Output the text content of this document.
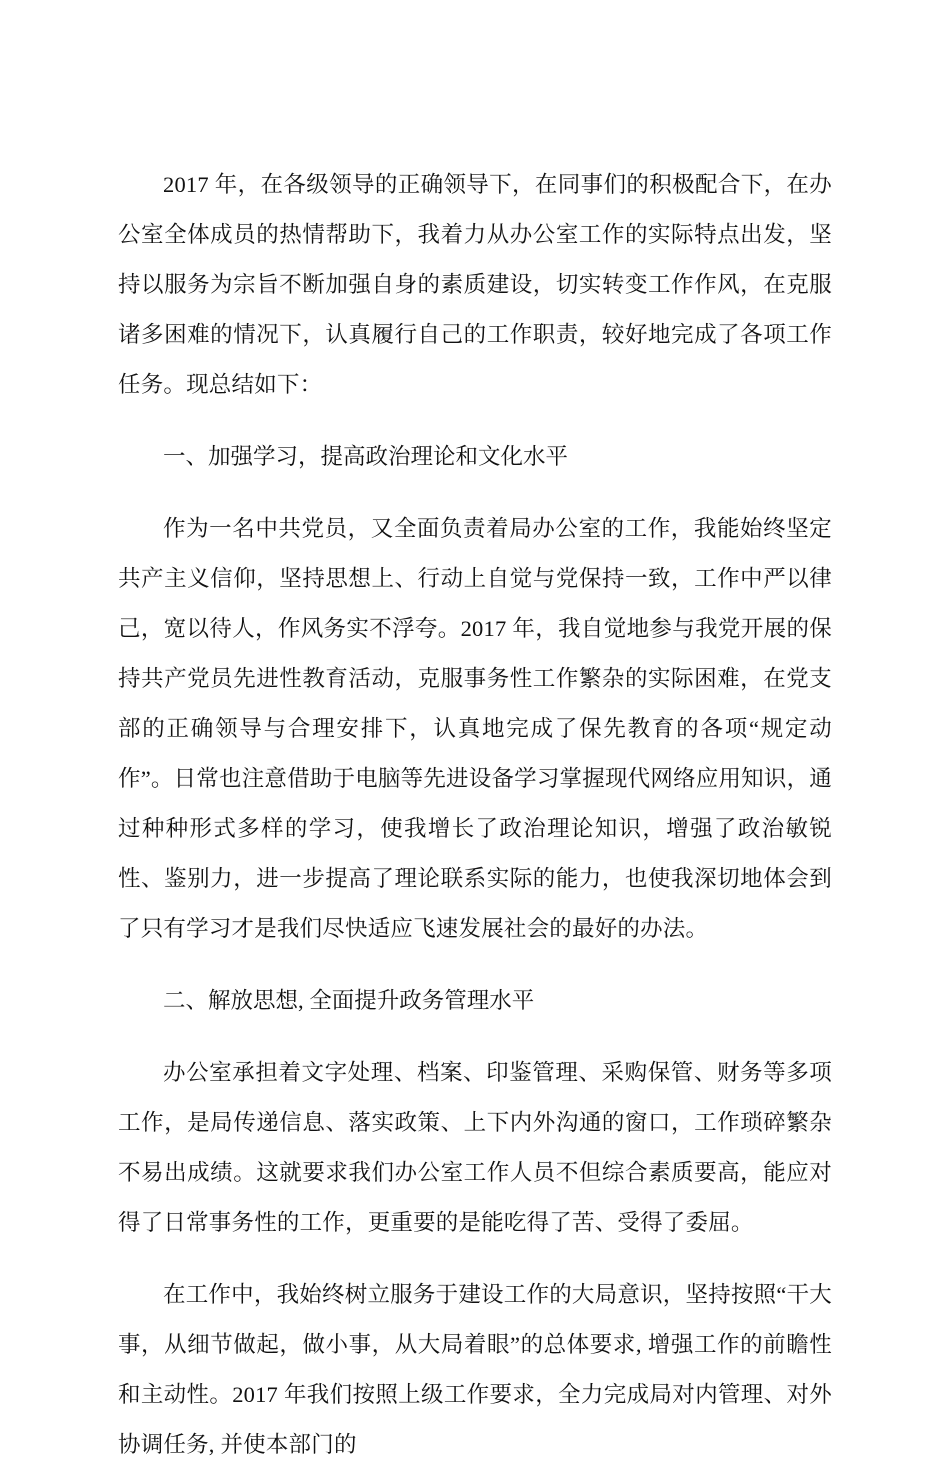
2017 年，在各级领导的正确领导下，在同事们的积极配合下，在办公室全体成员的热情帮助下，我着力从办公室工作的实际特点出发，坚持以服务为宗旨不断加强自身的素质建设，切实转变工作作风，在克服诸多困难的情况下，认真履行自己的工作职责，较好地完成了各项工作任务。现总结如下：

一、加强学习，提高政治理论和文化水平

作为一名中共党员，又全面负责着局办公室的工作，我能始终坚定共产主义信仰，坚持思想上、行动上自觉与党保持一致，工作中严以律己，宽以待人，作风务实不浮夸。2017 年，我自觉地参与我党开展的保持共产党员先进性教育活动，克服事务性工作繁杂的实际困难，在党支部的正确领导与合理安排下，认真地完成了保先教育的各项“规定动作”。日常也注意借助于电脑等先进设备学习掌握现代网络应用知识，通过种种形式多样的学习，使我增长了政治理论知识，增强了政治敏锐性、鉴别力，进一步提高了理论联系实际的能力，也使我深切地体会到了只有学习才是我们尽快适应飞速发展社会的最好的办法。

二、解放思想, 全面提升政务管理水平

办公室承担着文字处理、档案、印鉴管理、采购保管、财务等多项工作，是局传递信息、落实政策、上下内外沟通的窗口，工作琐碎繁杂不易出成绩。这就要求我们办公室工作人员不但综合素质要高，能应对得了日常事务性的工作，更重要的是能吃得了苦、受得了委屈。

在工作中，我始终树立服务于建设工作的大局意识，坚持按照“干大事，从细节做起，做小事，从大局着眼”的总体要求, 增强工作的前瞻性和主动性。2017 年我们按照上级工作要求，全力完成局对内管理、对外协调任务, 并使本部门的
